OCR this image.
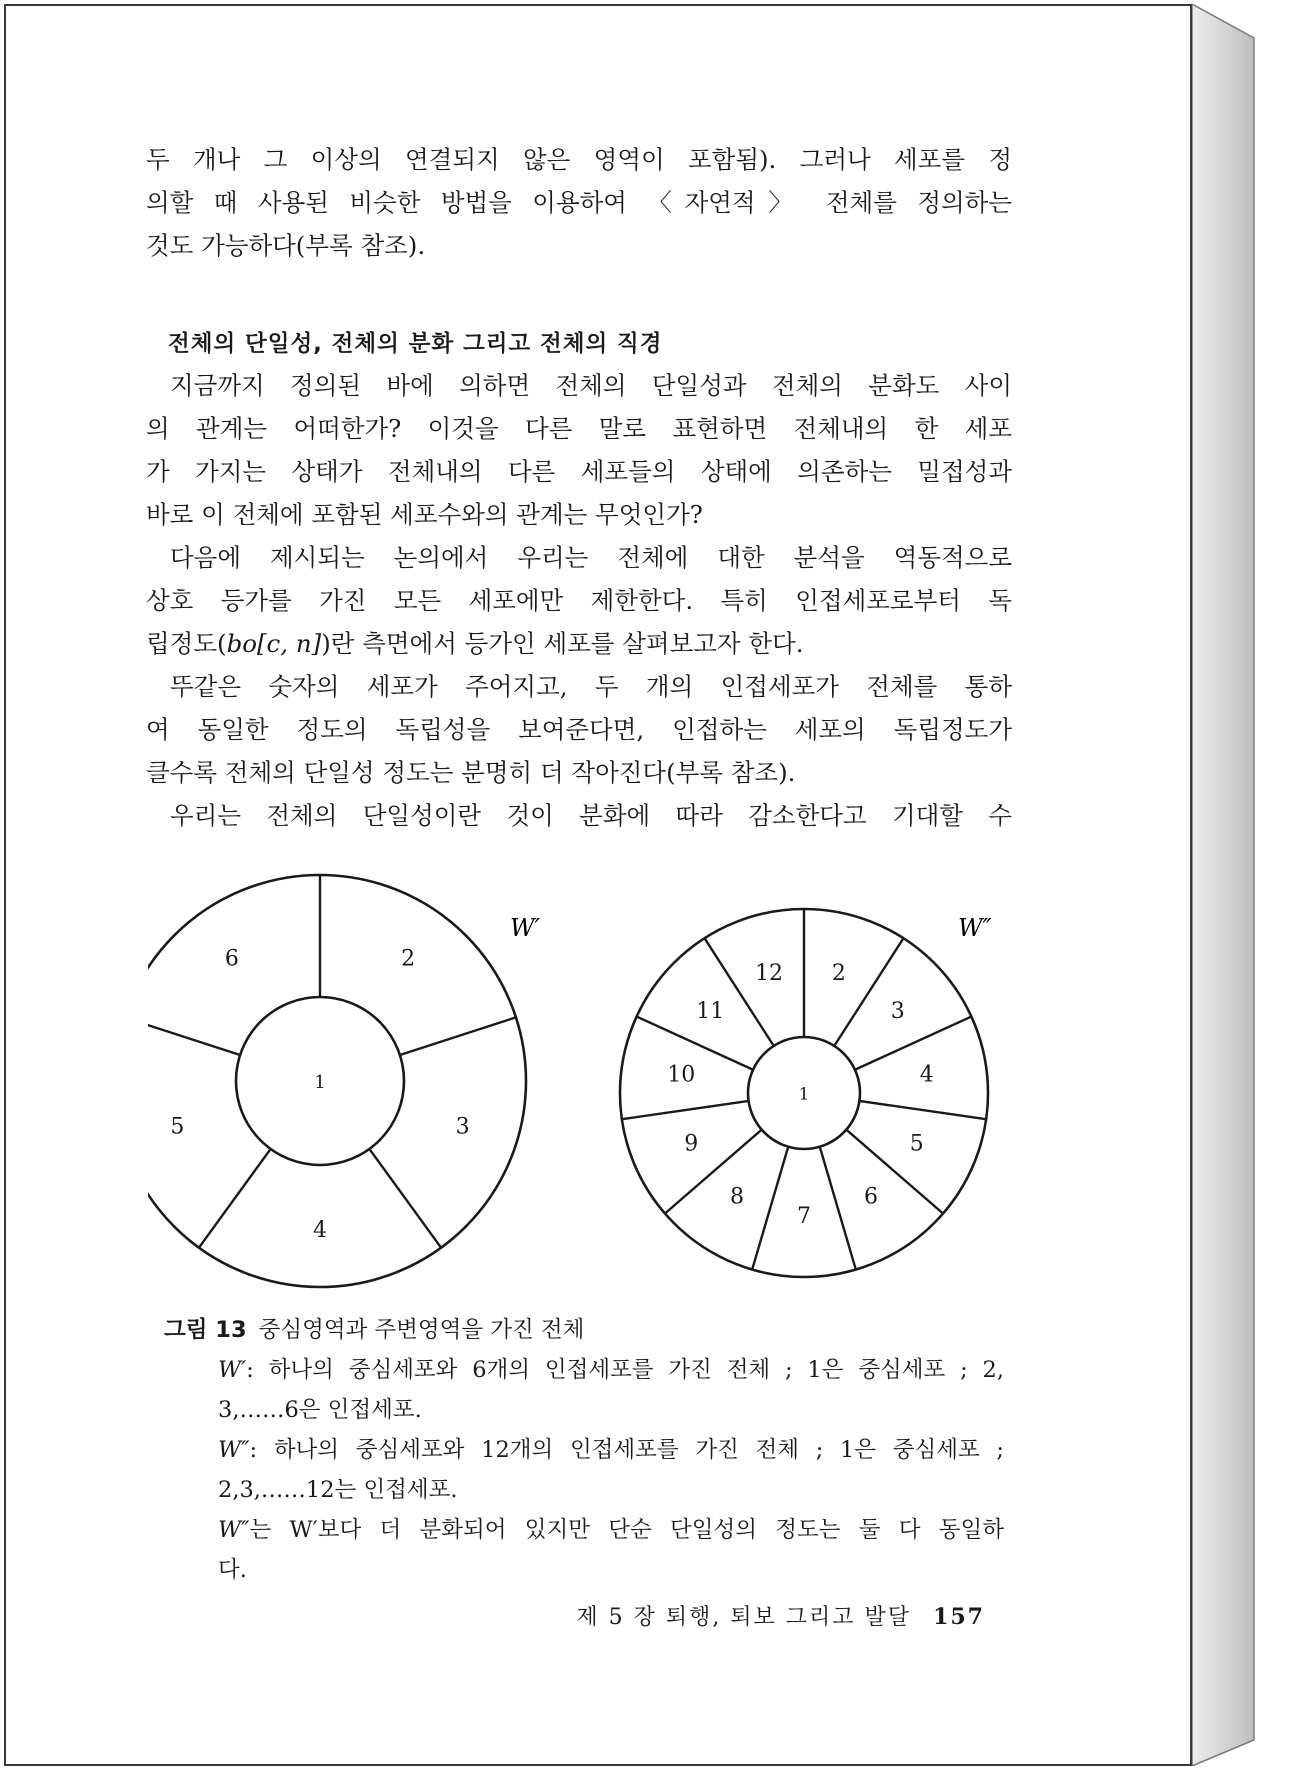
두 개나 그 이상의 연결되지 않은 영역이 포함됨). 그러나 세포를 정

의할 때 사용된 비슷한 방법을 이용하여 〈자연적〉 전체를 정의하는

것도 가능하다(부록 참조).

전체의 단일성, 전체의 분화 그리고 전체의 직경

지금까지 정의된 바에 의하면 전체의 단일성과 전체의 분화도 사이

의 관계는 어떠한가? 이것을 다른 말로 표현하면 전체내의 한 세포

가 가지는 상태가 전체내의 다른 세포들의 상태에 의존하는 밀접성과

바로 이 전체에 포함된 세포수와의 관계는 무엇인가?

다음에 제시되는 논의에서 우리는 전체에 대한 분석을 역동적으로

상호 등가를 가진 모든 세포에만 제한한다. 특히 인접세포로부터 독

립정도(bo[c, n])란 측면에서 등가인 세포를 살펴보고자 한다.

뚜같은 숫자의 세포가 주어지고, 두 개의 인접세포가 전체를 통하

여 동일한 정도의 독립성을 보여준다면, 인접하는 세포의 독립정도가

클수록 전체의 단일성 정도는 분명히 더 작아진다(부록 참조).

우리는 전체의 단일성이란 것이 분화에 따라 감소한다고 기대할 수

W′	W″
2
3
4
5
6
1
2
3
4
5
6
7
8
9
10
11
12
1

그림 13 중심영역과 주변영역을 가진 전체

W′: 하나의 중심세포와 6개의 인접세포를 가진 전체 ; 1은 중심세포 ; 2,

3,……6은 인접세포.

W″: 하나의 중심세포와 12개의 인접세포를 가진 전체 ; 1은 중심세포 ;

2,3,……12는 인접세포.

W″는 W′보다 더 분화되어 있지만 단순 단일성의 정도는 둘 다 동일하

다.

제 5 장 퇴행, 퇴보 그리고 발달 157
